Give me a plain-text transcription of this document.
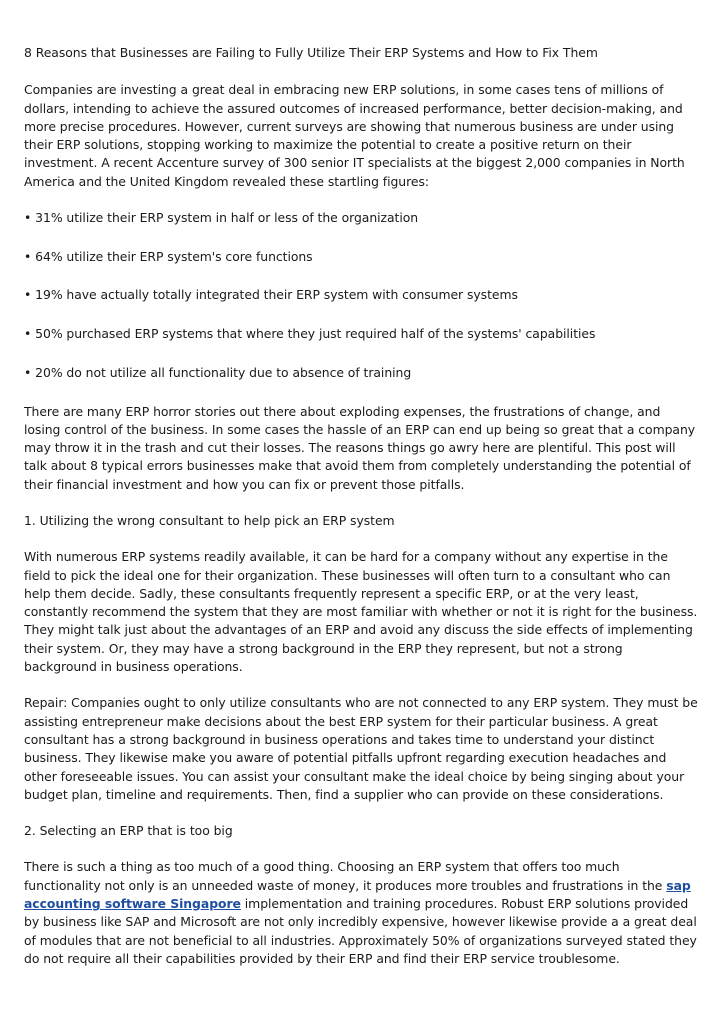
8 Reasons that Businesses are Failing to Fully Utilize Their ERP Systems and How to Fix Them

Companies are investing a great deal in embracing new ERP solutions, in some cases tens of millions of dollars, intending to achieve the assured outcomes of increased performance, better decision-making, and more precise procedures. However, current surveys are showing that numerous business are under using their ERP solutions, stopping working to maximize the potential to create a positive return on their investment. A recent Accenture survey of 300 senior IT specialists at the biggest 2,000 companies in North America and the United Kingdom revealed these startling figures:

• 31% utilize their ERP system in half or less of the organization

• 64% utilize their ERP system's core functions

• 19% have actually totally integrated their ERP system with consumer systems

• 50% purchased ERP systems that where they just required half of the systems' capabilities

• 20% do not utilize all functionality due to absence of training

There are many ERP horror stories out there about exploding expenses, the frustrations of change, and losing control of the business. In some cases the hassle of an ERP can end up being so great that a company may throw it in the trash and cut their losses. The reasons things go awry here are plentiful. This post will talk about 8 typical errors businesses make that avoid them from completely understanding the potential of their financial investment and how you can fix or prevent those pitfalls.

1. Utilizing the wrong consultant to help pick an ERP system

With numerous ERP systems readily available, it can be hard for a company without any expertise in the field to pick the ideal one for their organization. These businesses will often turn to a consultant who can help them decide. Sadly, these consultants frequently represent a specific ERP, or at the very least, constantly recommend the system that they are most familiar with whether or not it is right for the business. They might talk just about the advantages of an ERP and avoid any discuss the side effects of implementing their system. Or, they may have a strong background in the ERP they represent, but not a strong background in business operations.

Repair: Companies ought to only utilize consultants who are not connected to any ERP system. They must be assisting entrepreneur make decisions about the best ERP system for their particular business. A great consultant has a strong background in business operations and takes time to understand your distinct business. They likewise make you aware of potential pitfalls upfront regarding execution headaches and other foreseeable issues. You can assist your consultant make the ideal choice by being singing about your budget plan, timeline and requirements. Then, find a supplier who can provide on these considerations.

2. Selecting an ERP that is too big

There is such a thing as too much of a good thing. Choosing an ERP system that offers too much functionality not only is an unneeded waste of money, it produces more troubles and frustrations in the sap accounting software Singapore implementation and training procedures. Robust ERP solutions provided by business like SAP and Microsoft are not only incredibly expensive, however likewise provide a a great deal of modules that are not beneficial to all industries. Approximately 50% of organizations surveyed stated they do not require all their capabilities provided by their ERP and find their ERP service troublesome.
